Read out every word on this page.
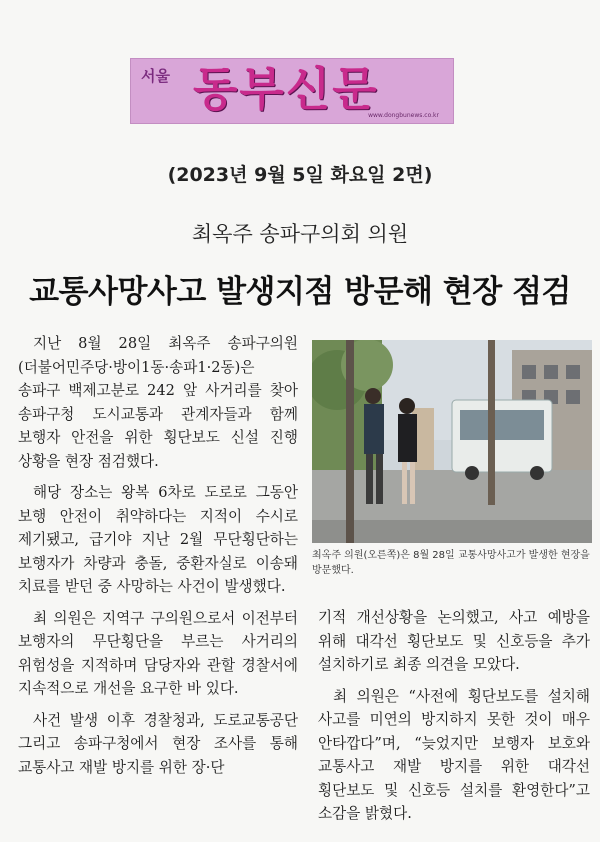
서울 동부신문
www.dongbunews.co.kr
(2023년 9월 5일 화요일 2면)
최옥주 송파구의회 의원
교통사망사고 발생지점 방문해 현장 점검

지난 8월 28일 최옥주 송파구의원(더불어민주당·방이1동·송파1·2동)은 송파구 백제고분로 242 앞 사거리를 찾아 송파구청 도시교통과 관계자들과 함께 보행자 안전을 위한 횡단보도 신설 진행 상황을 현장 점검했다.

해당 장소는 왕복 6차로 도로로 그동안 보행 안전이 취약하다는 지적이 수시로 제기됐고, 급기야 지난 2월 무단횡단하는 보행자가 차량과 충돌, 중환자실로 이송돼 치료를 받던 중 사망하는 사건이 발생했다.

최 의원은 지역구 구의원으로서 이전부터 보행자의 무단횡단을 부르는 사거리의 위험성을 지적하며 담당자와 관할 경찰서에 지속적으로 개선을 요구한 바 있다.

사건 발생 이후 경찰청과, 도로교통공단 그리고 송파구청에서 현장 조사를 통해 교통사고 재발 방지를 위한 장·단

최옥주 의원(오른쪽)은 8월 28일 교통사망사고가 발생한 현장을 방문했다.

기적 개선상황을 논의했고, 사고 예방을 위해 대각선 횡단보도 및 신호등을 추가 설치하기로 최종 의견을 모았다.

최 의원은 “사전에 횡단보도를 설치해 사고를 미연의 방지하지 못한 것이 매우 안타깝다”며, “늦었지만 보행자 보호와 교통사고 재발 방지를 위한 대각선 횡단보도 및 신호등 설치를 환영한다”고 소감을 밝혔다.
